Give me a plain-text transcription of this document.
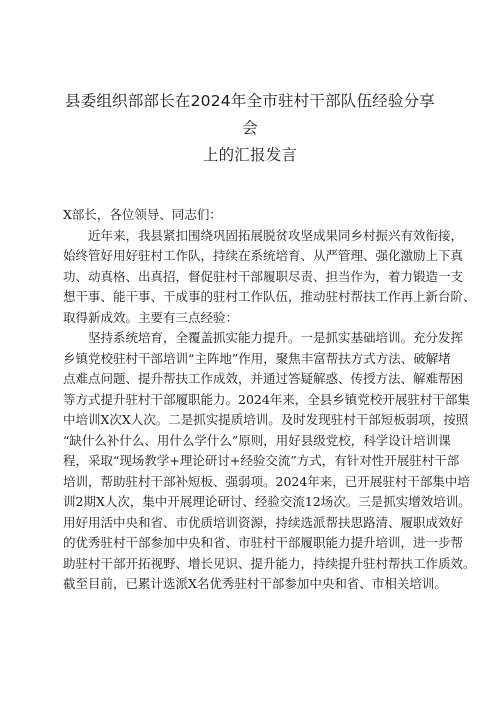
县委组织部部长在2024年全市驻村干部队伍经验分享会
上的汇报发言

X部长，各位领导、同志们：

近年来，我县紧扣围绕巩固拓展脱贫攻坚成果同乡村振兴有效衔接，
始终管好用好驻村工作队，持续在系统培育、从严管理、强化激励上下真
功、动真格、出真招，督促驻村干部履职尽责、担当作为，着力锻造一支
想干事、能干事、干成事的驻村工作队伍，推动驻村帮扶工作再上新台阶、
取得新成效。主要有三点经验：

坚持系统培育，全覆盖抓实能力提升。一是抓实基础培训。充分发挥
乡镇党校驻村干部培训“主阵地”作用，聚焦丰富帮扶方式方法、破解堵
点难点问题、提升帮扶工作成效，并通过答疑解惑、传授方法、解难帮困
等方式提升驻村干部履职能力。2024年来，全县乡镇党校开展驻村干部集
中培训X次X人次。二是抓实提质培训。及时发现驻村干部短板弱项，按照
“缺什么补什么、用什么学什么”原则，用好县级党校，科学设计培训课
程，采取“现场教学+理论研讨+经验交流”方式，有针对性开展驻村干部
培训，帮助驻村干部补短板、强弱项。2024年来，已开展驻村干部集中培
训2期X人次，集中开展理论研讨、经验交流12场次。三是抓实增效培训。
用好用活中央和省、市优质培训资源，持续选派帮扶思路清、履职成效好
的优秀驻村干部参加中央和省、市驻村干部履职能力提升培训，进一步帮
助驻村干部开拓视野、增长见识、提升能力，持续提升驻村帮扶工作质效。
截至目前，已累计选派X名优秀驻村干部参加中央和省、市相关培训。
